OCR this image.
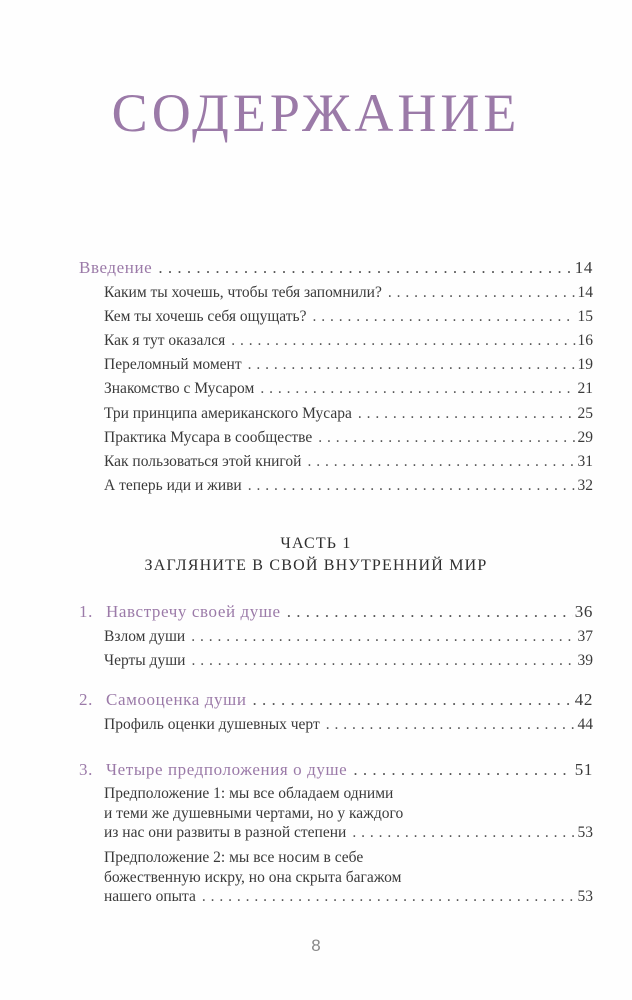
СОДЕРЖАНИЕ
Введение . . .	14
Каким ты хочешь, чтобы тебя запомнили? . . .	14
Кем ты хочешь себя ощущать? . . .	15
Как я тут оказался . . .	16
Переломный момент . . .	19
Знакомство с Мусаром . . .	21
Три принципа американского Мусара . . .	25
Практика Мусара в сообществе . . .	29
Как пользоваться этой книгой . . .	31
А теперь иди и живи . . .	32
ЧАСТЬ 1
ЗАГЛЯНИТЕ В СВОЙ ВНУТРЕННИЙ МИР
1. Навстречу своей душе . . .	36
Взлом души . . .	37
Черты души . . .	39
2. Самооценка души . . .	42
Профиль оценки душевных черт . . .	44
3. Четыре предположения о душе . . .	51
Предположение 1: мы все обладаем одними
и теми же душевными чертами, но у каждого
из нас они развиты в разной степени . . .	53
Предположение 2: мы все носим в себе
божественную искру, но она скрыта багажом
нашего опыта . . .	53
8
